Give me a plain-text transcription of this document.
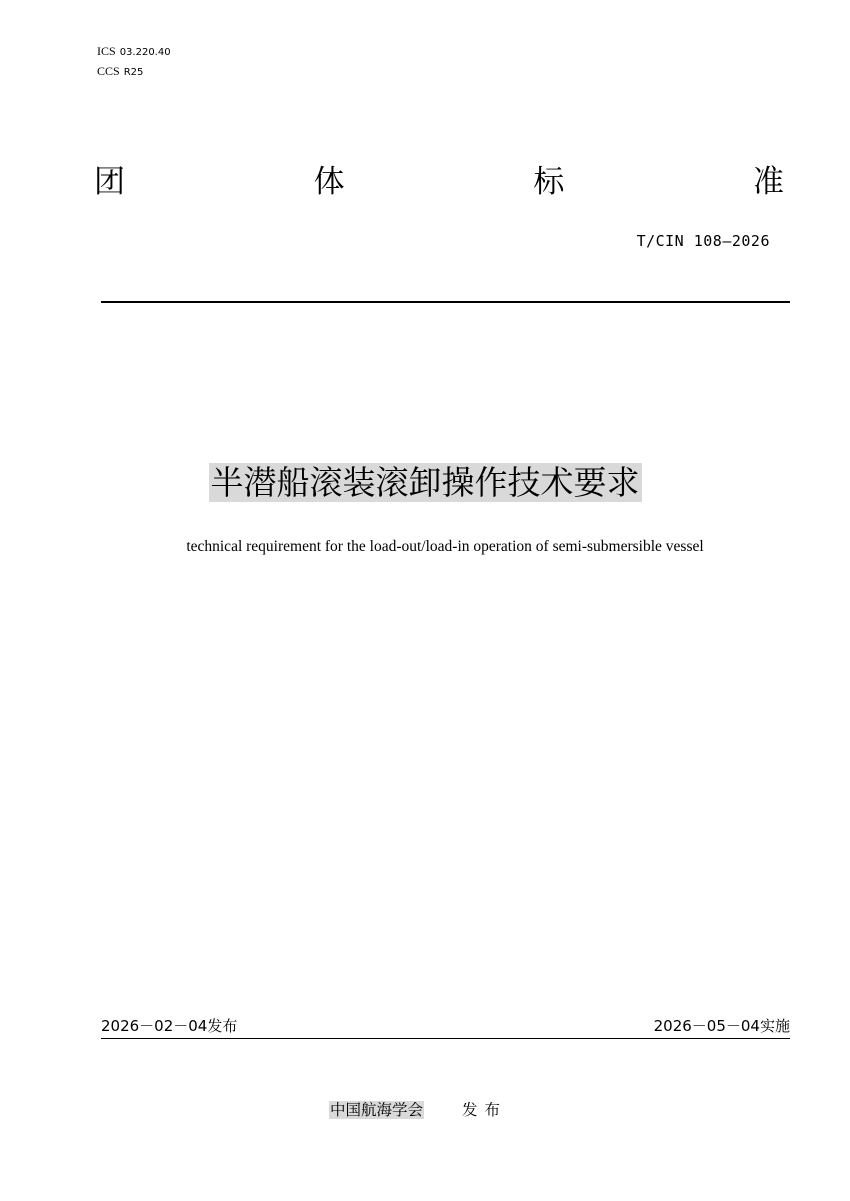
ICS 03.220.40
CCS R25
团	体	标	准
T/CIN 108—2026
半潜船滚装滚卸操作技术要求
technical requirement for the load-out/load-in operation of semi-submersible vessel
2026－02－04发布	2026－05－04实施
中国航海学会	发布
